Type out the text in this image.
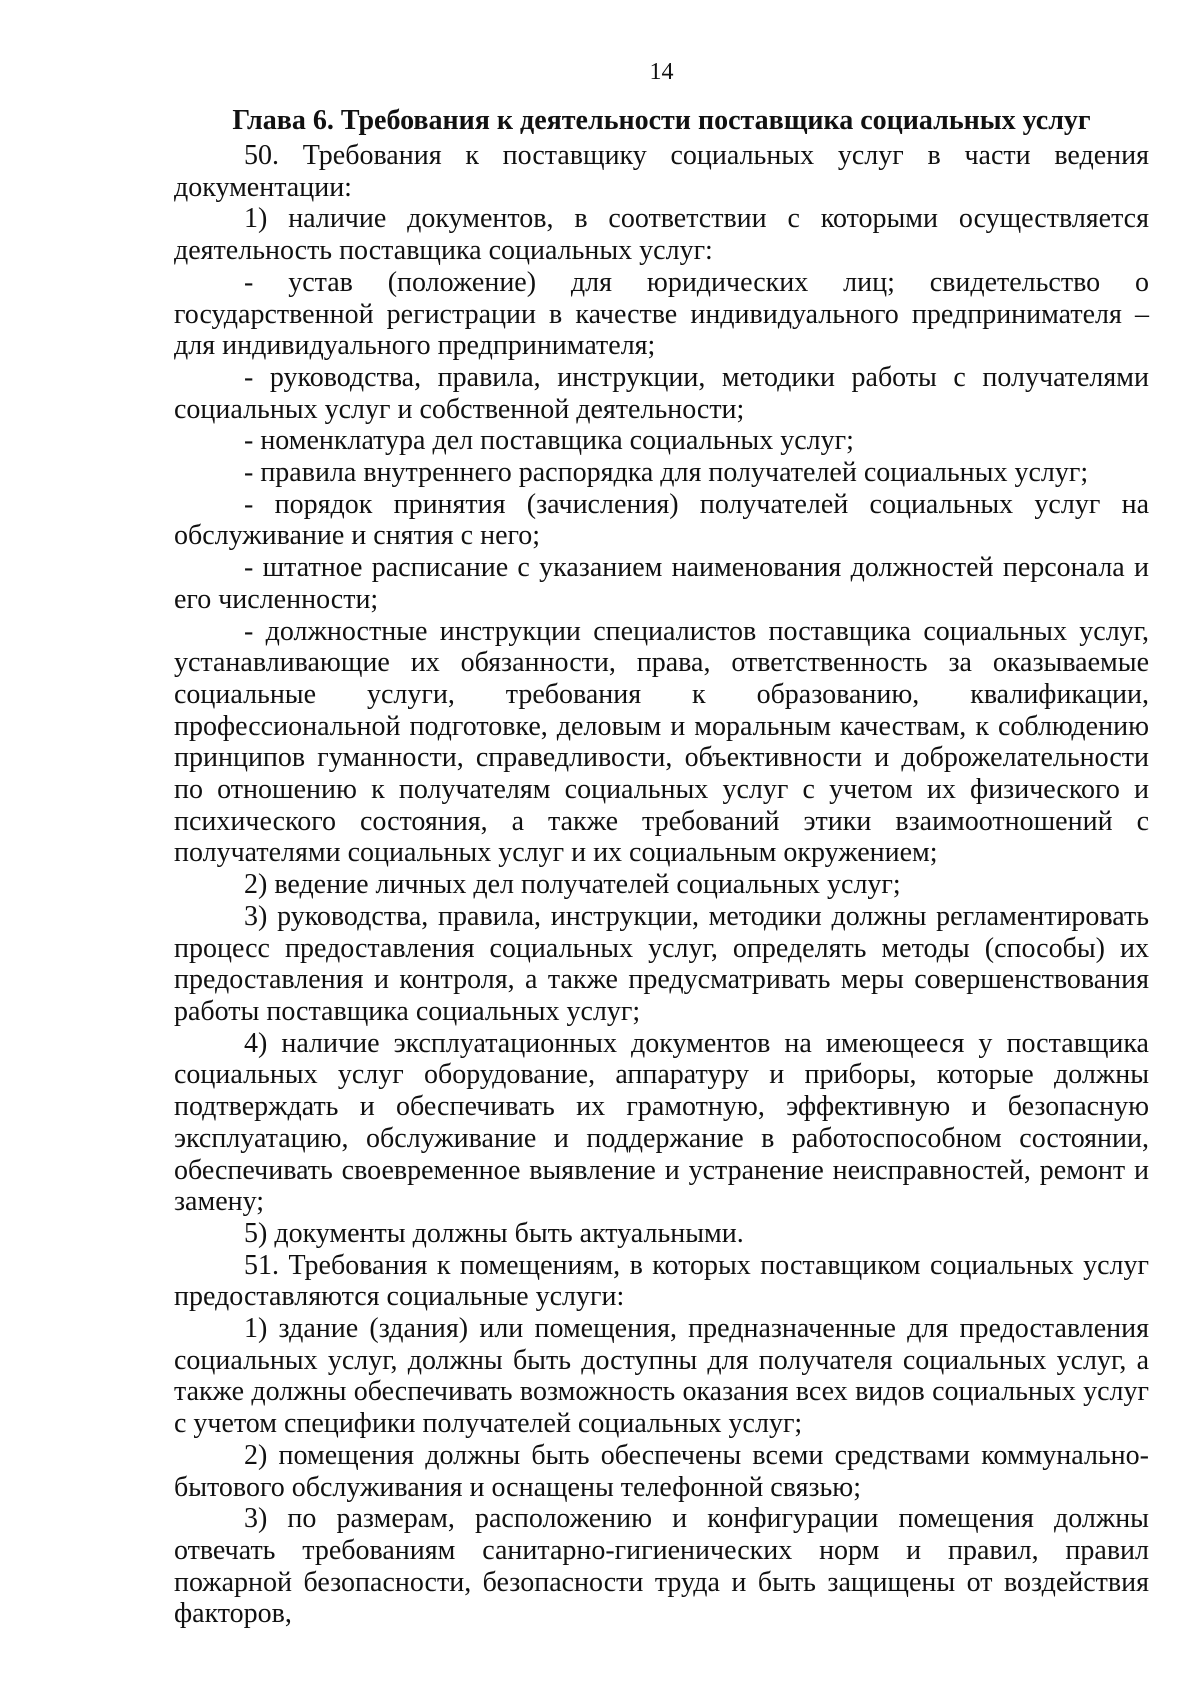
14
Глава 6. Требования к деятельности поставщика социальных услуг

50. Требования к поставщику социальных услуг в части ведения документации:

1) наличие документов, в соответствии с которыми осуществляется деятельность поставщика социальных услуг:

- устав (положение) для юридических лиц; свидетельство о государственной регистрации в качестве индивидуального предпринимателя – для индивидуального предпринимателя;

- руководства, правила, инструкции, методики работы с получателями социальных услуг и собственной деятельности;

- номенклатура дел поставщика социальных услуг;

- правила внутреннего распорядка для получателей социальных услуг;

- порядок принятия (зачисления) получателей социальных услуг на обслуживание и снятия с него;

- штатное расписание с указанием наименования должностей персонала и его численности;

- должностные инструкции специалистов поставщика социальных услуг, устанавливающие их обязанности, права, ответственность за оказываемые социальные услуги, требования к образованию, квалификации, профессиональной подготовке, деловым и моральным качествам, к соблюдению принципов гуманности, справедливости, объективности и доброжелательности по отношению к получателям социальных услуг с учетом их физического и психического состояния, а также требований этики взаимоотношений с получателями социальных услуг и их социальным окружением;

2) ведение личных дел получателей социальных услуг;

3) руководства, правила, инструкции, методики должны регламентировать процесс предоставления социальных услуг, определять методы (способы) их предоставления и контроля, а также предусматривать меры совершенствования работы поставщика социальных услуг;

4) наличие эксплуатационных документов на имеющееся у поставщика социальных услуг оборудование, аппаратуру и приборы, которые должны подтверждать и обеспечивать их грамотную, эффективную и безопасную эксплуатацию, обслуживание и поддержание в работоспособном состоянии, обеспечивать своевременное выявление и устранение неисправностей, ремонт и замену;

5) документы должны быть актуальными.

51. Требования к помещениям, в которых поставщиком социальных услуг предоставляются социальные услуги:

1) здание (здания) или помещения, предназначенные для предоставления социальных услуг, должны быть доступны для получателя социальных услуг, а также должны обеспечивать возможность оказания всех видов социальных услуг с учетом специфики получателей социальных услуг;

2) помещения должны быть обеспечены всеми средствами коммунально-бытового обслуживания и оснащены телефонной связью;

3) по размерам, расположению и конфигурации помещения должны отвечать требованиям санитарно-гигиенических норм и правил, правил пожарной безопасности, безопасности труда и быть защищены от воздействия факторов,
